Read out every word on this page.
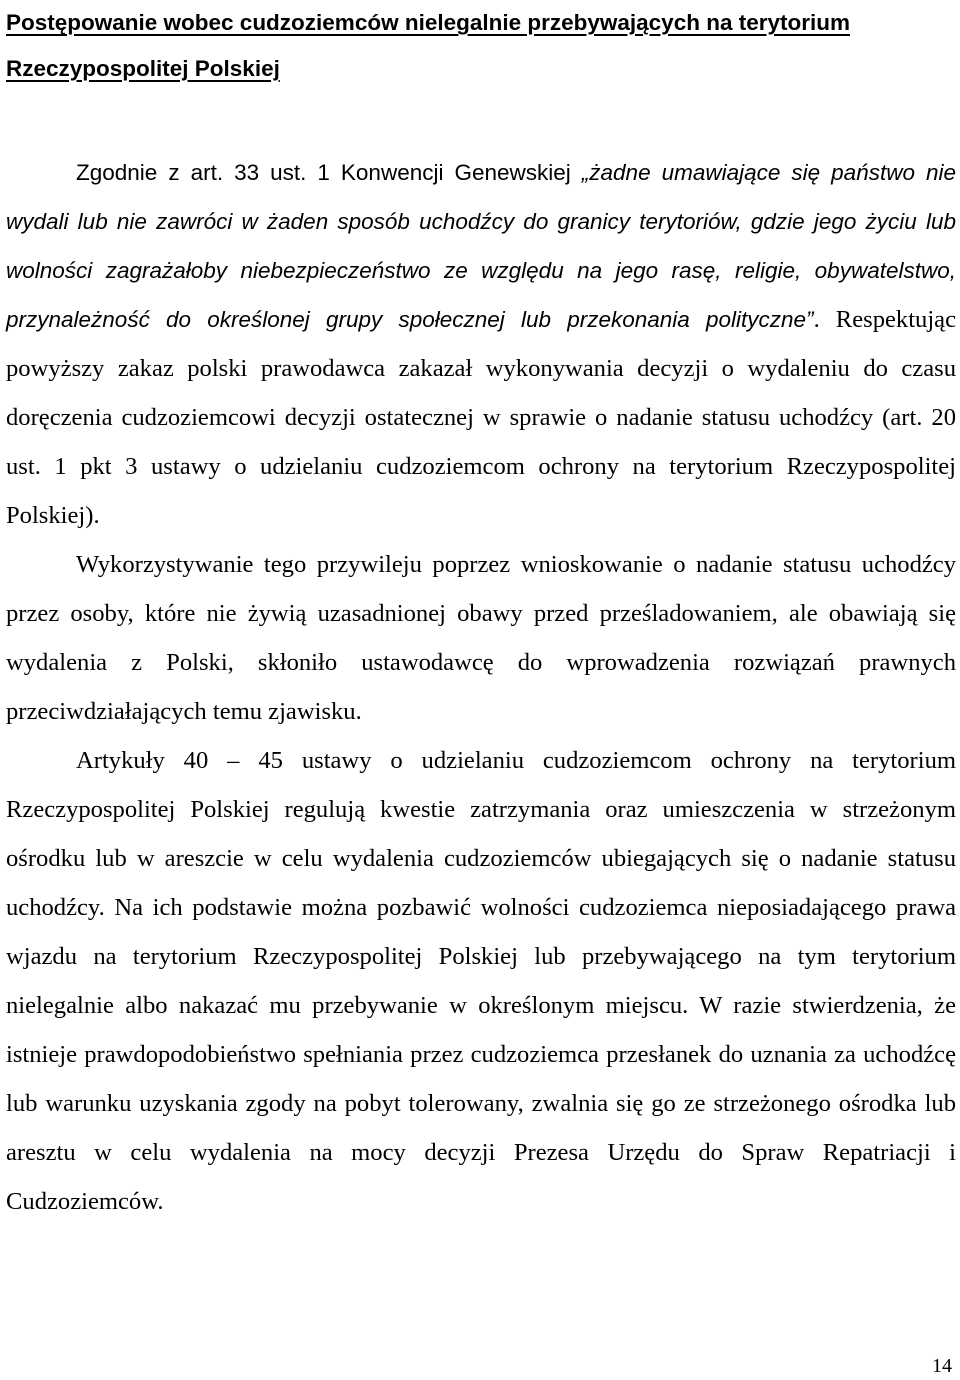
Postępowanie wobec cudzoziemców nielegalnie przebywających na terytorium Rzeczypospolitej Polskiej

Zgodnie z art. 33 ust. 1 Konwencji Genewskiej „żadne umawiające się państwo nie wydali lub nie zawróci w żaden sposób uchodźcy do granicy terytoriów, gdzie jego życiu lub wolności zagrażałoby niebezpieczeństwo ze względu na jego rasę, religie, obywatelstwo, przynależność do określonej grupy społecznej lub przekonania polityczne”. Respektując powyższy zakaz polski prawodawca zakazał wykonywania decyzji o wydaleniu do czasu doręczenia cudzoziemcowi decyzji ostatecznej w sprawie o nadanie statusu uchodźcy (art. 20 ust. 1 pkt 3 ustawy o udzielaniu cudzoziemcom ochrony na terytorium Rzeczypospolitej Polskiej).

Wykorzystywanie tego przywileju poprzez wnioskowanie o nadanie statusu uchodźcy przez osoby, które nie żywią uzasadnionej obawy przed prześladowaniem, ale obawiają się wydalenia z Polski, skłoniło ustawodawcę do wprowadzenia rozwiązań prawnych przeciwdziałających temu zjawisku.

Artykuły 40 – 45 ustawy o udzielaniu cudzoziemcom ochrony na terytorium Rzeczypospolitej Polskiej regulują kwestie zatrzymania oraz umieszczenia w strzeżonym ośrodku lub w areszcie w celu wydalenia cudzoziemców ubiegających się o nadanie statusu uchodźcy. Na ich podstawie można pozbawić wolności cudzoziemca nieposiadającego prawa wjazdu na terytorium Rzeczypospolitej Polskiej lub przebywającego na tym terytorium nielegalnie albo nakazać mu przebywanie w określonym miejscu. W razie stwierdzenia, że istnieje prawdopodobieństwo spełniania przez cudzoziemca przesłanek do uznania za uchodźcę lub warunku uzyskania zgody na pobyt tolerowany, zwalnia się go ze strzeżonego ośrodka lub aresztu w celu wydalenia na mocy decyzji Prezesa Urzędu do Spraw Repatriacji i Cudzoziemców.

14
